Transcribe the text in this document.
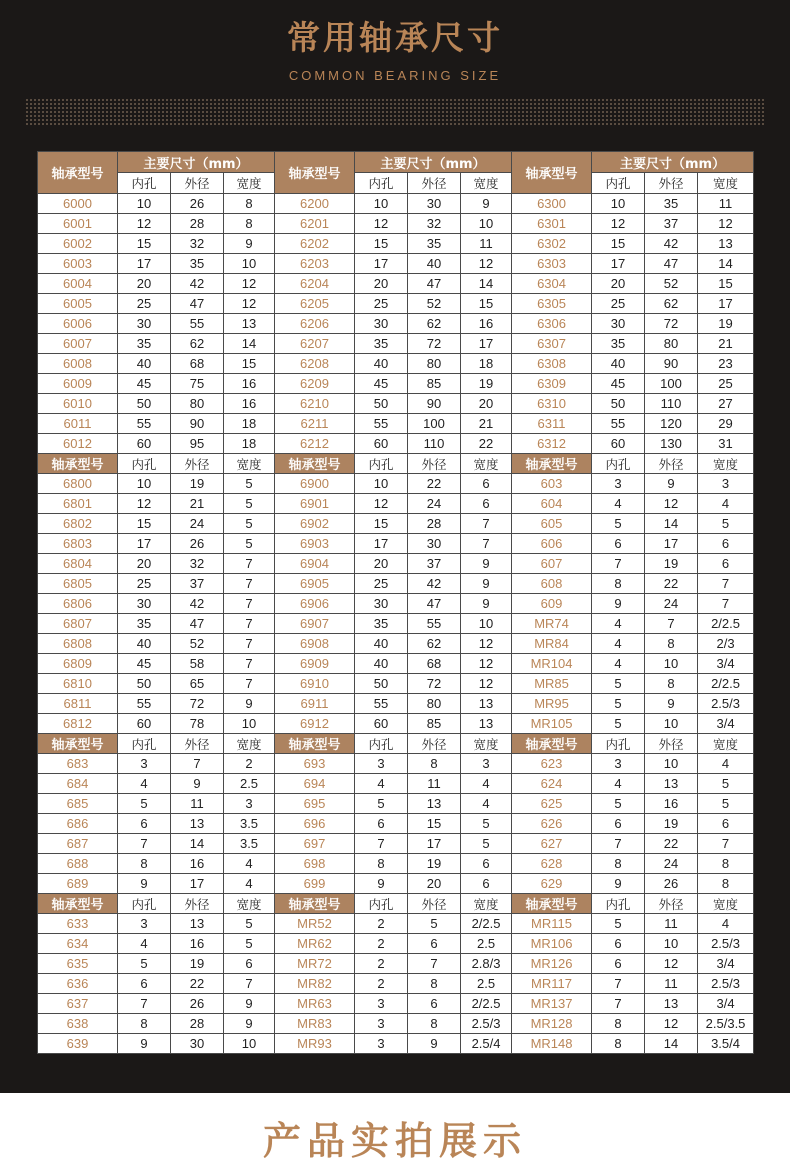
常用轴承尺寸
COMMON BEARING SIZE
轴承型号	主要尺寸（mm）			轴承型号	主要尺寸（mm）			轴承型号	主要尺寸（mm）		
	内孔	外径	宽度		内孔	外径	宽度		内孔	外径	宽度
6000	10	26	8	6200	10	30	9	6300	10	35	11
6001	12	28	8	6201	12	32	10	6301	12	37	12
6002	15	32	9	6202	15	35	11	6302	15	42	13
6003	17	35	10	6203	17	40	12	6303	17	47	14
6004	20	42	12	6204	20	47	14	6304	20	52	15
6005	25	47	12	6205	25	52	15	6305	25	62	17
6006	30	55	13	6206	30	62	16	6306	30	72	19
6007	35	62	14	6207	35	72	17	6307	35	80	21
6008	40	68	15	6208	40	80	18	6308	40	90	23
6009	45	75	16	6209	45	85	19	6309	45	100	25
6010	50	80	16	6210	50	90	20	6310	50	110	27
6011	55	90	18	6211	55	100	21	6311	55	120	29
6012	60	95	18	6212	60	110	22	6312	60	130	31
轴承型号	内孔	外径	宽度	轴承型号	内孔	外径	宽度	轴承型号	内孔	外径	宽度
6800	10	19	5	6900	10	22	6	603	3	9	3
6801	12	21	5	6901	12	24	6	604	4	12	4
6802	15	24	5	6902	15	28	7	605	5	14	5
6803	17	26	5	6903	17	30	7	606	6	17	6
6804	20	32	7	6904	20	37	9	607	7	19	6
6805	25	37	7	6905	25	42	9	608	8	22	7
6806	30	42	7	6906	30	47	9	609	9	24	7
6807	35	47	7	6907	35	55	10	MR74	4	7	2/2.5
6808	40	52	7	6908	40	62	12	MR84	4	8	2/3
6809	45	58	7	6909	40	68	12	MR104	4	10	3/4
6810	50	65	7	6910	50	72	12	MR85	5	8	2/2.5
6811	55	72	9	6911	55	80	13	MR95	5	9	2.5/3
6812	60	78	10	6912	60	85	13	MR105	5	10	3/4
轴承型号	内孔	外径	宽度	轴承型号	内孔	外径	宽度	轴承型号	内孔	外径	宽度
683	3	7	2	693	3	8	3	623	3	10	4
684	4	9	2.5	694	4	11	4	624	4	13	5
685	5	11	3	695	5	13	4	625	5	16	5
686	6	13	3.5	696	6	15	5	626	6	19	6
687	7	14	3.5	697	7	17	5	627	7	22	7
688	8	16	4	698	8	19	6	628	8	24	8
689	9	17	4	699	9	20	6	629	9	26	8
轴承型号	内孔	外径	宽度	轴承型号	内孔	外径	宽度	轴承型号	内孔	外径	宽度
633	3	13	5	MR52	2	5	2/2.5	MR115	5	11	4
634	4	16	5	MR62	2	6	2.5	MR106	6	10	2.5/3
635	5	19	6	MR72	2	7	2.8/3	MR126	6	12	3/4
636	6	22	7	MR82	2	8	2.5	MR117	7	11	2.5/3
637	7	26	9	MR63	3	6	2/2.5	MR137	7	13	3/4
638	8	28	9	MR83	3	8	2.5/3	MR128	8	12	2.5/3.5
639	9	30	10	MR93	3	9	2.5/4	MR148	8	14	3.5/4
产品实拍展示
